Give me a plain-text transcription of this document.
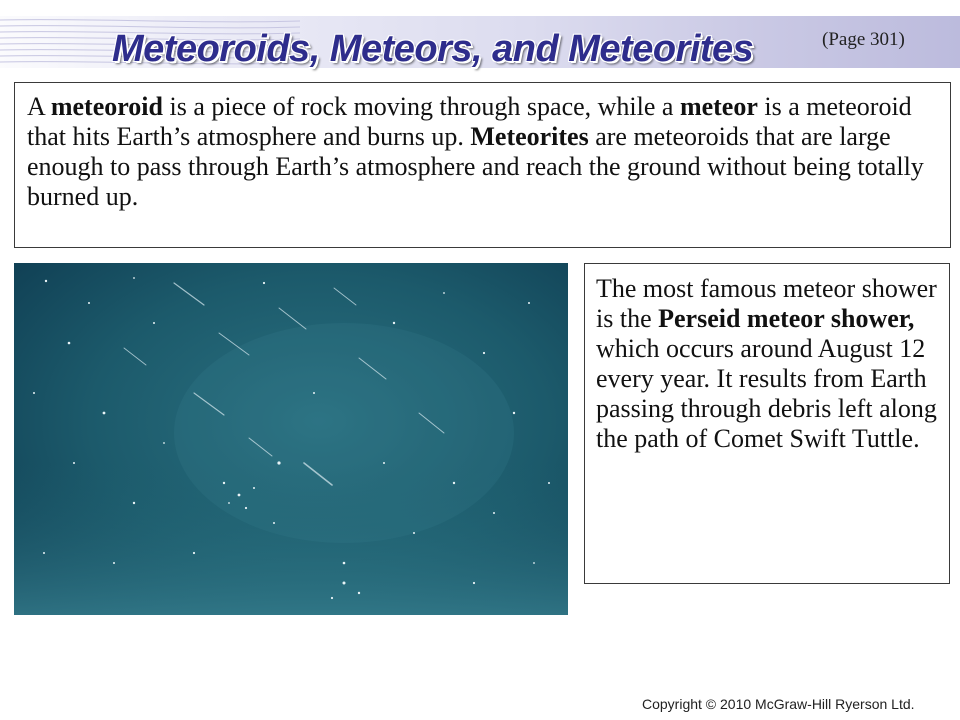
Meteoroids, Meteors, and Meteorites	(Page 301)
A meteoroid is a piece of rock moving through space, while a meteor is a meteoroid that hits Earth’s atmosphere and burns up. Meteorites are meteoroids that are large enough to pass through Earth’s atmosphere and reach the ground without being totally burned up.
The most famous meteor shower is the Perseid meteor shower, which occurs around August 12 every year. It results from Earth passing through debris left along the path of Comet Swift Tuttle.
Copyright © 2010 McGraw-Hill Ryerson Ltd.
